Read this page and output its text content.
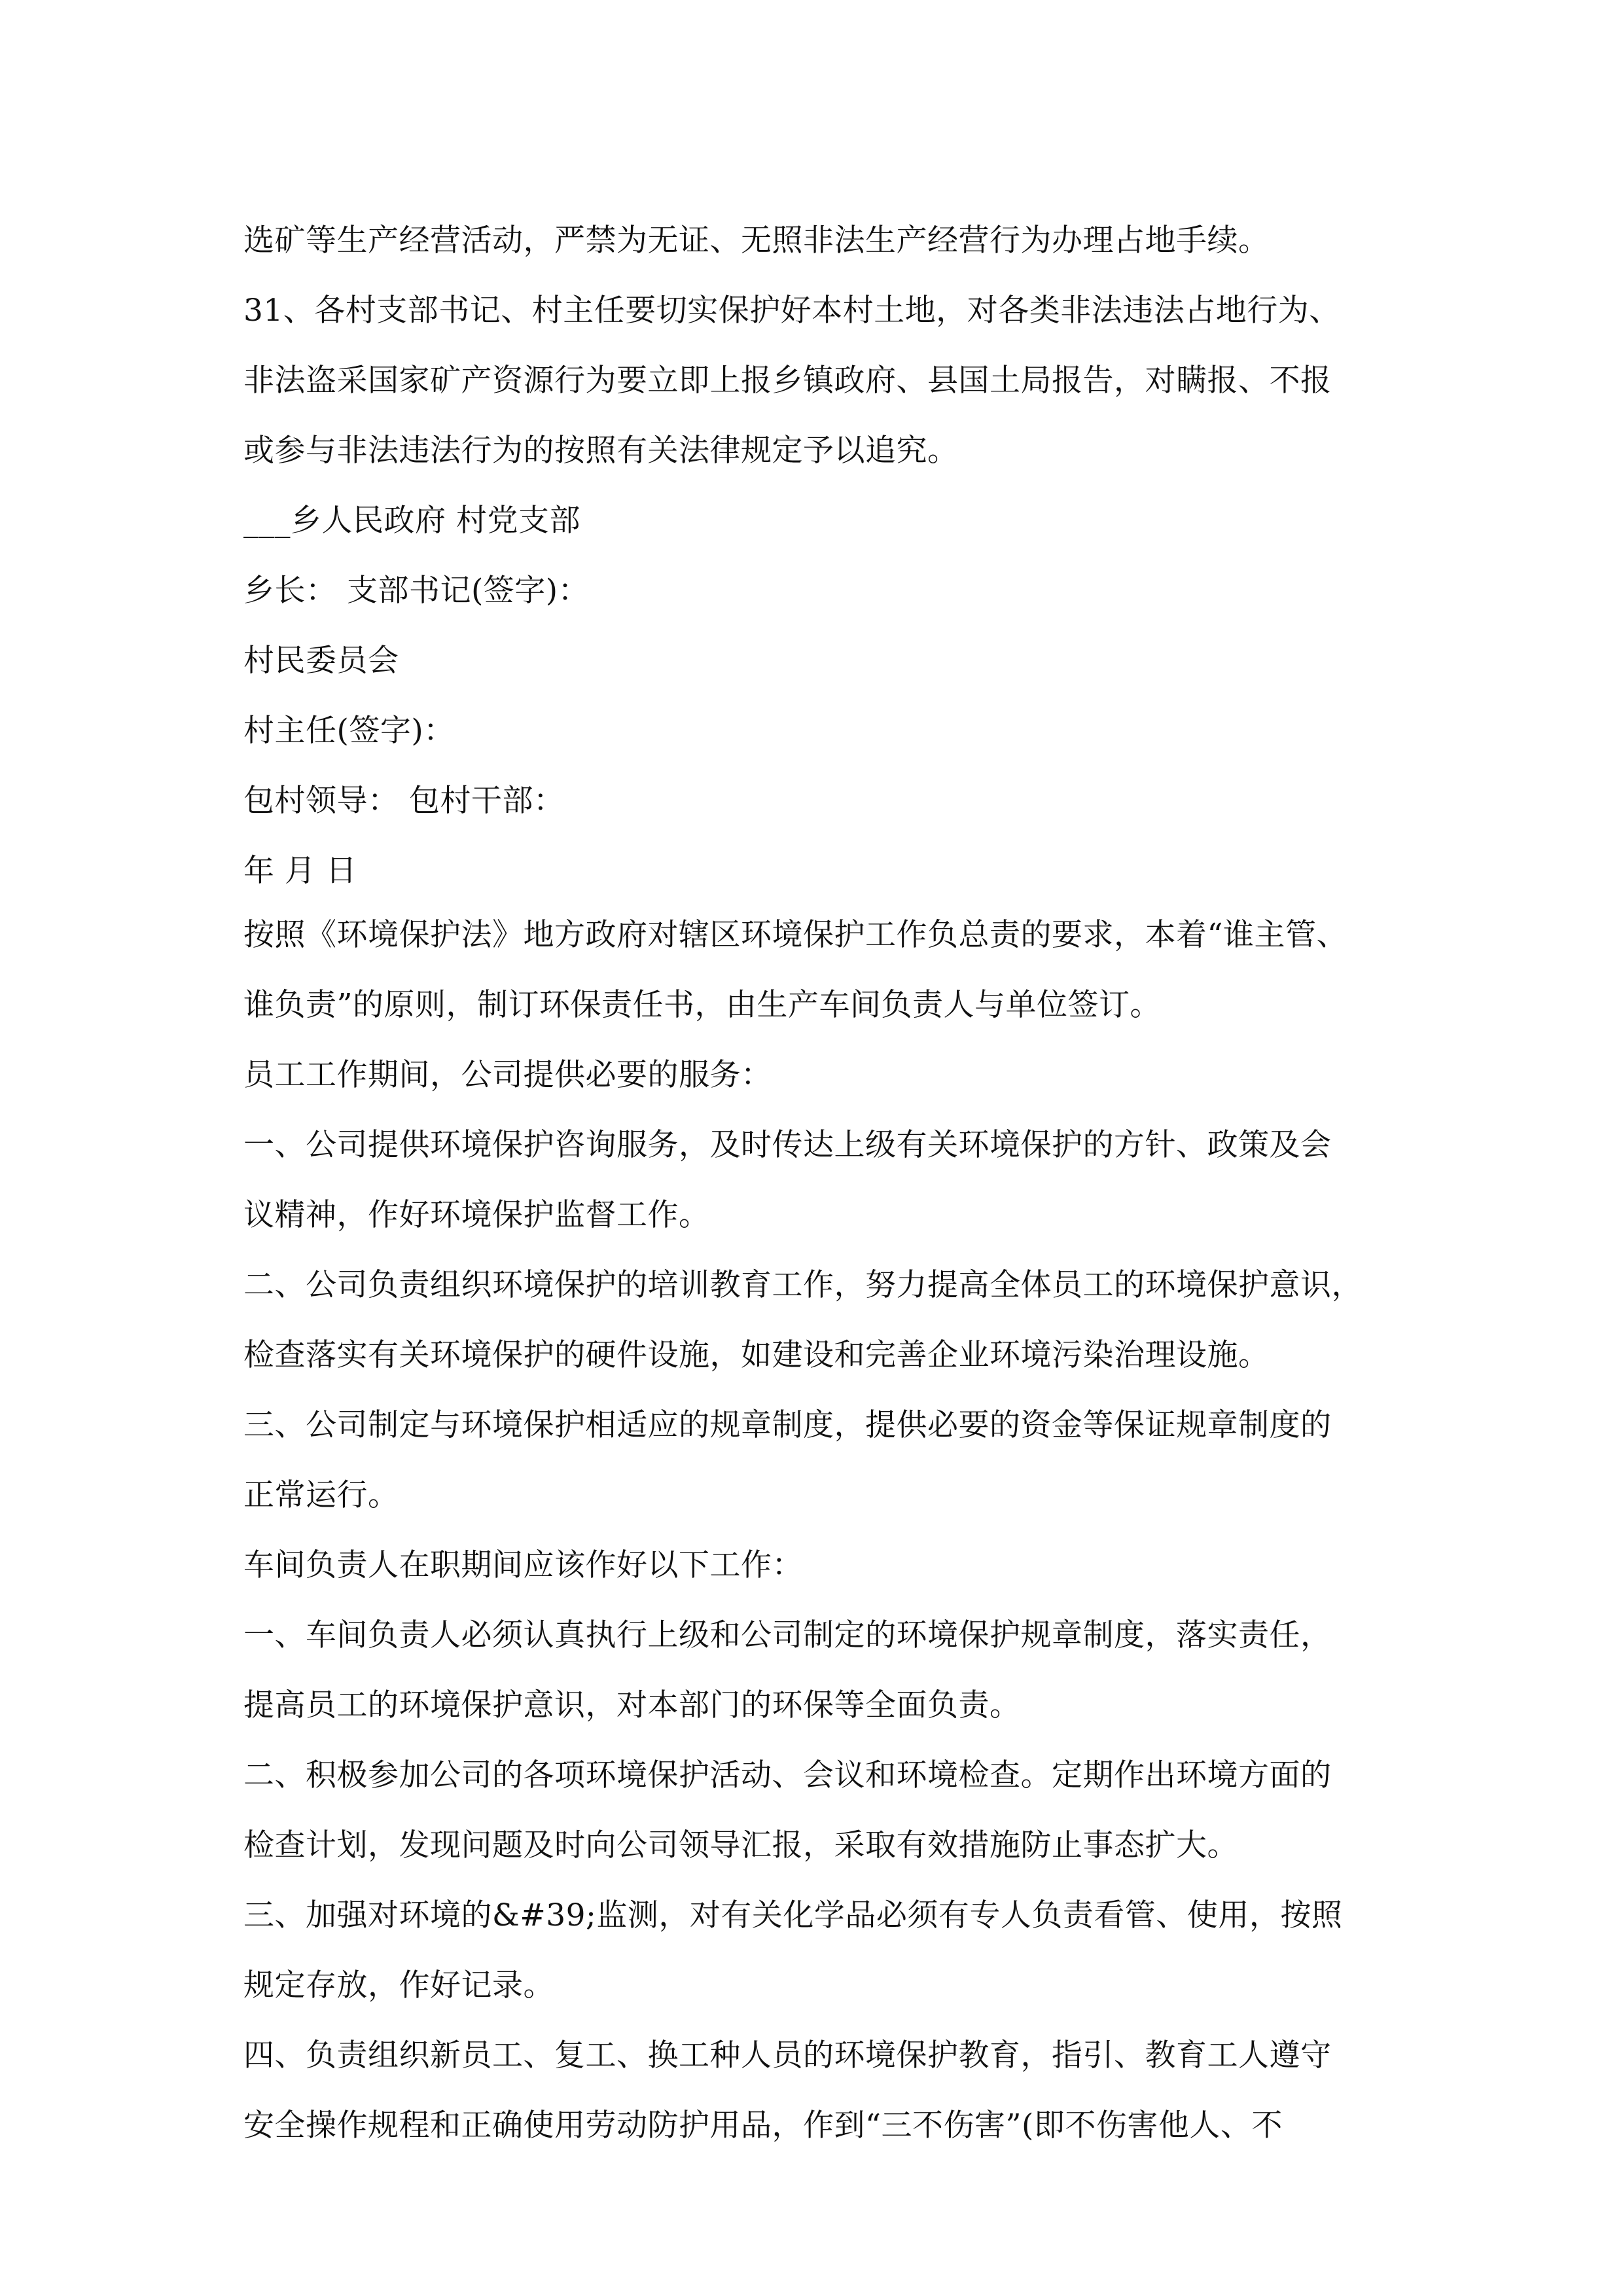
选矿等生产经营活动，严禁为无证、无照非法生产经营行为办理占地手续。
31、各村支部书记、村主任要切实保护好本村土地，对各类非法违法占地行为、
非法盗采国家矿产资源行为要立即上报乡镇政府、县国土局报告，对瞒报、不报
或参与非法违法行为的按照有关法律规定予以追究。
___乡人民政府 村党支部
乡长： 支部书记(签字)：
村民委员会
村主任(签字)：
包村领导： 包村干部：
年 月 日
按照《环境保护法》地方政府对辖区环境保护工作负总责的要求，本着“谁主管、
谁负责”的原则，制订环保责任书，由生产车间负责人与单位签订。
员工工作期间，公司提供必要的服务：
一、公司提供环境保护咨询服务，及时传达上级有关环境保护的方针、政策及会
议精神，作好环境保护监督工作。
二、公司负责组织环境保护的培训教育工作，努力提高全体员工的环境保护意识，
检查落实有关环境保护的硬件设施，如建设和完善企业环境污染治理设施。
三、公司制定与环境保护相适应的规章制度，提供必要的资金等保证规章制度的
正常运行。
车间负责人在职期间应该作好以下工作：
一、车间负责人必须认真执行上级和公司制定的环境保护规章制度，落实责任，
提高员工的环境保护意识，对本部门的环保等全面负责。
二、积极参加公司的各项环境保护活动、会议和环境检查。定期作出环境方面的
检查计划，发现问题及时向公司领导汇报，采取有效措施防止事态扩大。
三、加强对环境的&#39;监测，对有关化学品必须有专人负责看管、使用，按照
规定存放，作好记录。
四、负责组织新员工、复工、换工种人员的环境保护教育，指引、教育工人遵守
安全操作规程和正确使用劳动防护用品，作到“三不伤害”(即不伤害他人、不
